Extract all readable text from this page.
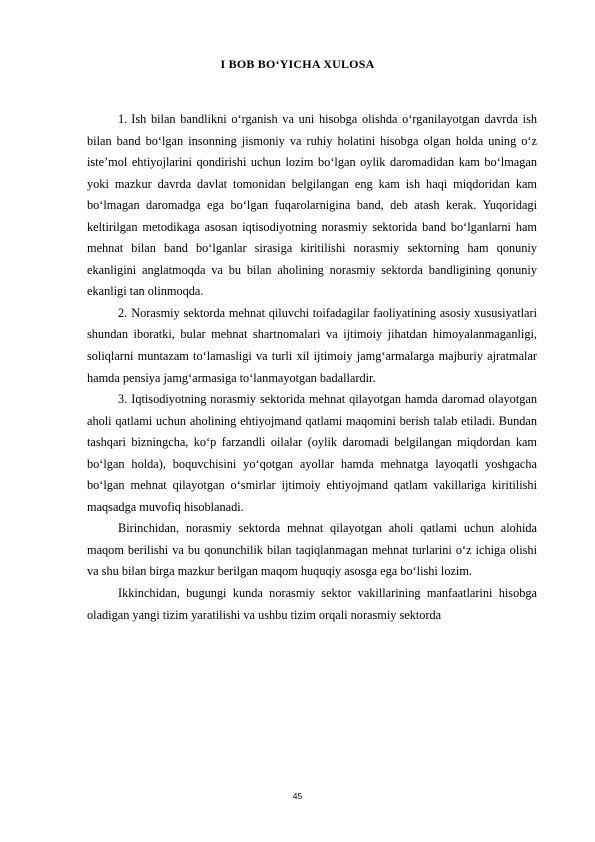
I BOB BO‘YICHA XULOSA

1. Ish bilan bandlikni o‘rganish va uni hisobga olishda o‘rganilayotgan davrda ish bilan band bo‘lgan insonning jismoniy va ruhiy holatini hisobga olgan holda uning o‘z iste’mol ehtiyojlarini qondirishi uchun lozim bo‘lgan oylik daromadidan kam bo‘lmagan yoki mazkur davrda davlat tomonidan belgilangan eng kam ish haqi miqdoridan kam bo‘lmagan daromadga ega bo‘lgan fuqarolarnigina band, deb atash kerak. Yuqoridagi keltirilgan metodikaga asosan iqtisodiyotning norasmiy sektorida band bo‘lganlarni ham mehnat bilan band bo‘lganlar sirasiga kiritilishi norasmiy sektorning ham qonuniy ekanligini anglatmoqda va bu bilan aholining norasmiy sektorda bandligining qonuniy ekanligi tan olinmoqda.

2. Norasmiy sektorda mehnat qiluvchi toifadagilar faoliyatining asosiy xususiyatlari shundan iboratki, bular mehnat shartnomalari va ijtimoiy jihatdan himoyalanmaganligi, soliqlarni muntazam to‘lamasligi va turli xil ijtimoiy jamg‘armalarga majburiy ajratmalar hamda pensiya jamg‘armasiga to‘lanmayotgan badallardir.

3. Iqtisodiyotning norasmiy sektorida mehnat qilayotgan hamda daromad olayotgan aholi qatlami uchun aholining ehtiyojmand qatlami maqomini berish talab etiladi. Bundan tashqari bizningcha, ko‘p farzandli oilalar (oylik daromadi belgilangan miqdordan kam bo‘lgan holda), boquvchisini yo‘qotgan ayollar hamda mehnatga layoqatli yoshgacha bo‘lgan mehnat qilayotgan o‘smirlar ijtimoiy ehtiyojmand qatlam vakillariga kiritilishi maqsadga muvofiq hisoblanadi.

Birinchidan, norasmiy sektorda mehnat qilayotgan aholi qatlami uchun alohida maqom berilishi va bu qonunchilik bilan taqiqlanmagan mehnat turlarini o‘z ichiga olishi va shu bilan birga mazkur berilgan maqom huquqiy asosga ega bo‘lishi lozim.

Ikkinchidan, bugungi kunda norasmiy sektor vakillarining manfaatlarini hisobga oladigan yangi tizim yaratilishi va ushbu tizim orqali norasmiy sektorda

45
